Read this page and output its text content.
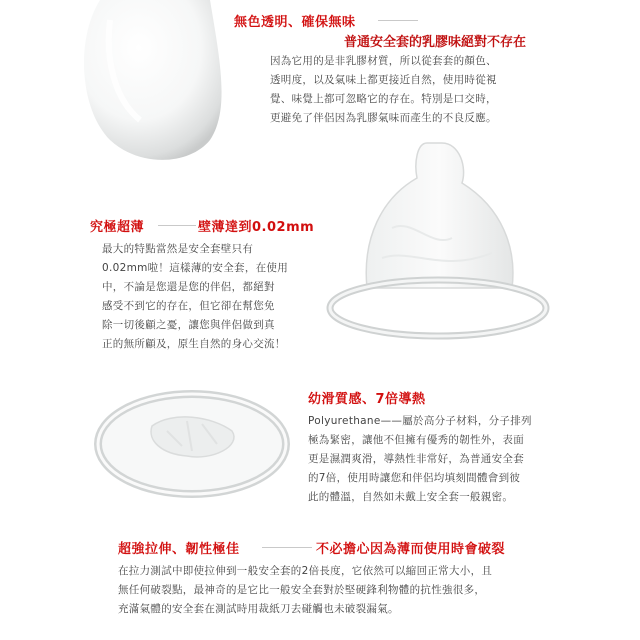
無色透明、確保無味
普通安全套的乳膠味絕對不存在
因為它用的是非乳膠材質，所以從套套的顏色、
透明度，以及氣味上都更接近自然，使用時從視
覺、味覺上都可忽略它的存在。特別是口交時，
更避免了伴侶因為乳膠氣味而產生的不良反應。
究極超薄	壁薄達到0.02mm
最大的特點當然是安全套壁只有
0.02mm啦！這樣薄的安全套，在使用
中，不論是您還是您的伴侶，都絕對
感受不到它的存在，但它卻在幫您免
除一切後顧之憂，讓您與伴侶做到真
正的無所顧及，原生自然的身心交流！
幼滑質感、7倍導熱
Polyurethane——屬於高分子材料，分子排列
極為緊密，讓他不但擁有優秀的韌性外，表面
更是濕潤爽滑，導熱性非常好，為普通安全套
的7倍，使用時讓您和伴侶均填刻間體會到彼
此的體溫，自然如未戴上安全套一般親密。
超強拉伸、韌性極佳	不必擔心因為薄而使用時會破裂
在拉力測試中即使拉伸到一般安全套的2倍長度，它依然可以縮回正常大小，且
無任何破裂點，最神奇的是它比一般安全套對於堅硬鋒利物體的抗性強很多，
充滿氣體的安全套在測試時用裁紙刀去碰觸也未破裂漏氣。
